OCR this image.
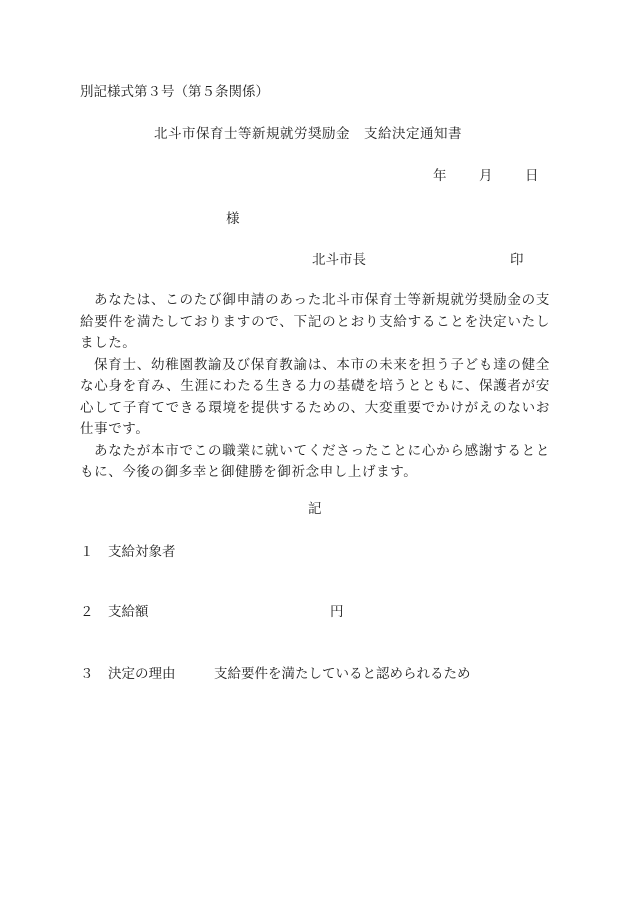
別記様式第３号（第５条関係）
北斗市保育士等新規就労奨励金　支給決定通知書
年 月 日
様
北斗市長	印

あなたは、このたび御申請のあった北斗市保育士等新規就労奨励金の支給要件を満たしておりますので、下記のとおり支給することを決定いたしました。

保育士、幼稚園教諭及び保育教諭は、本市の未来を担う子ども達の健全な心身を育み、生涯にわたる生きる力の基礎を培うとともに、保護者が安心して子育てできる環境を提供するための、大変重要でかけがえのないお仕事です。

あなたが本市でこの職業に就いてくださったことに心から感謝するとともに、今後の御多幸と御健勝を御祈念申し上げます。

記
１ 支給対象者
２ 支給額	円
３ 決定の理由	支給要件を満たしていると認められるため
